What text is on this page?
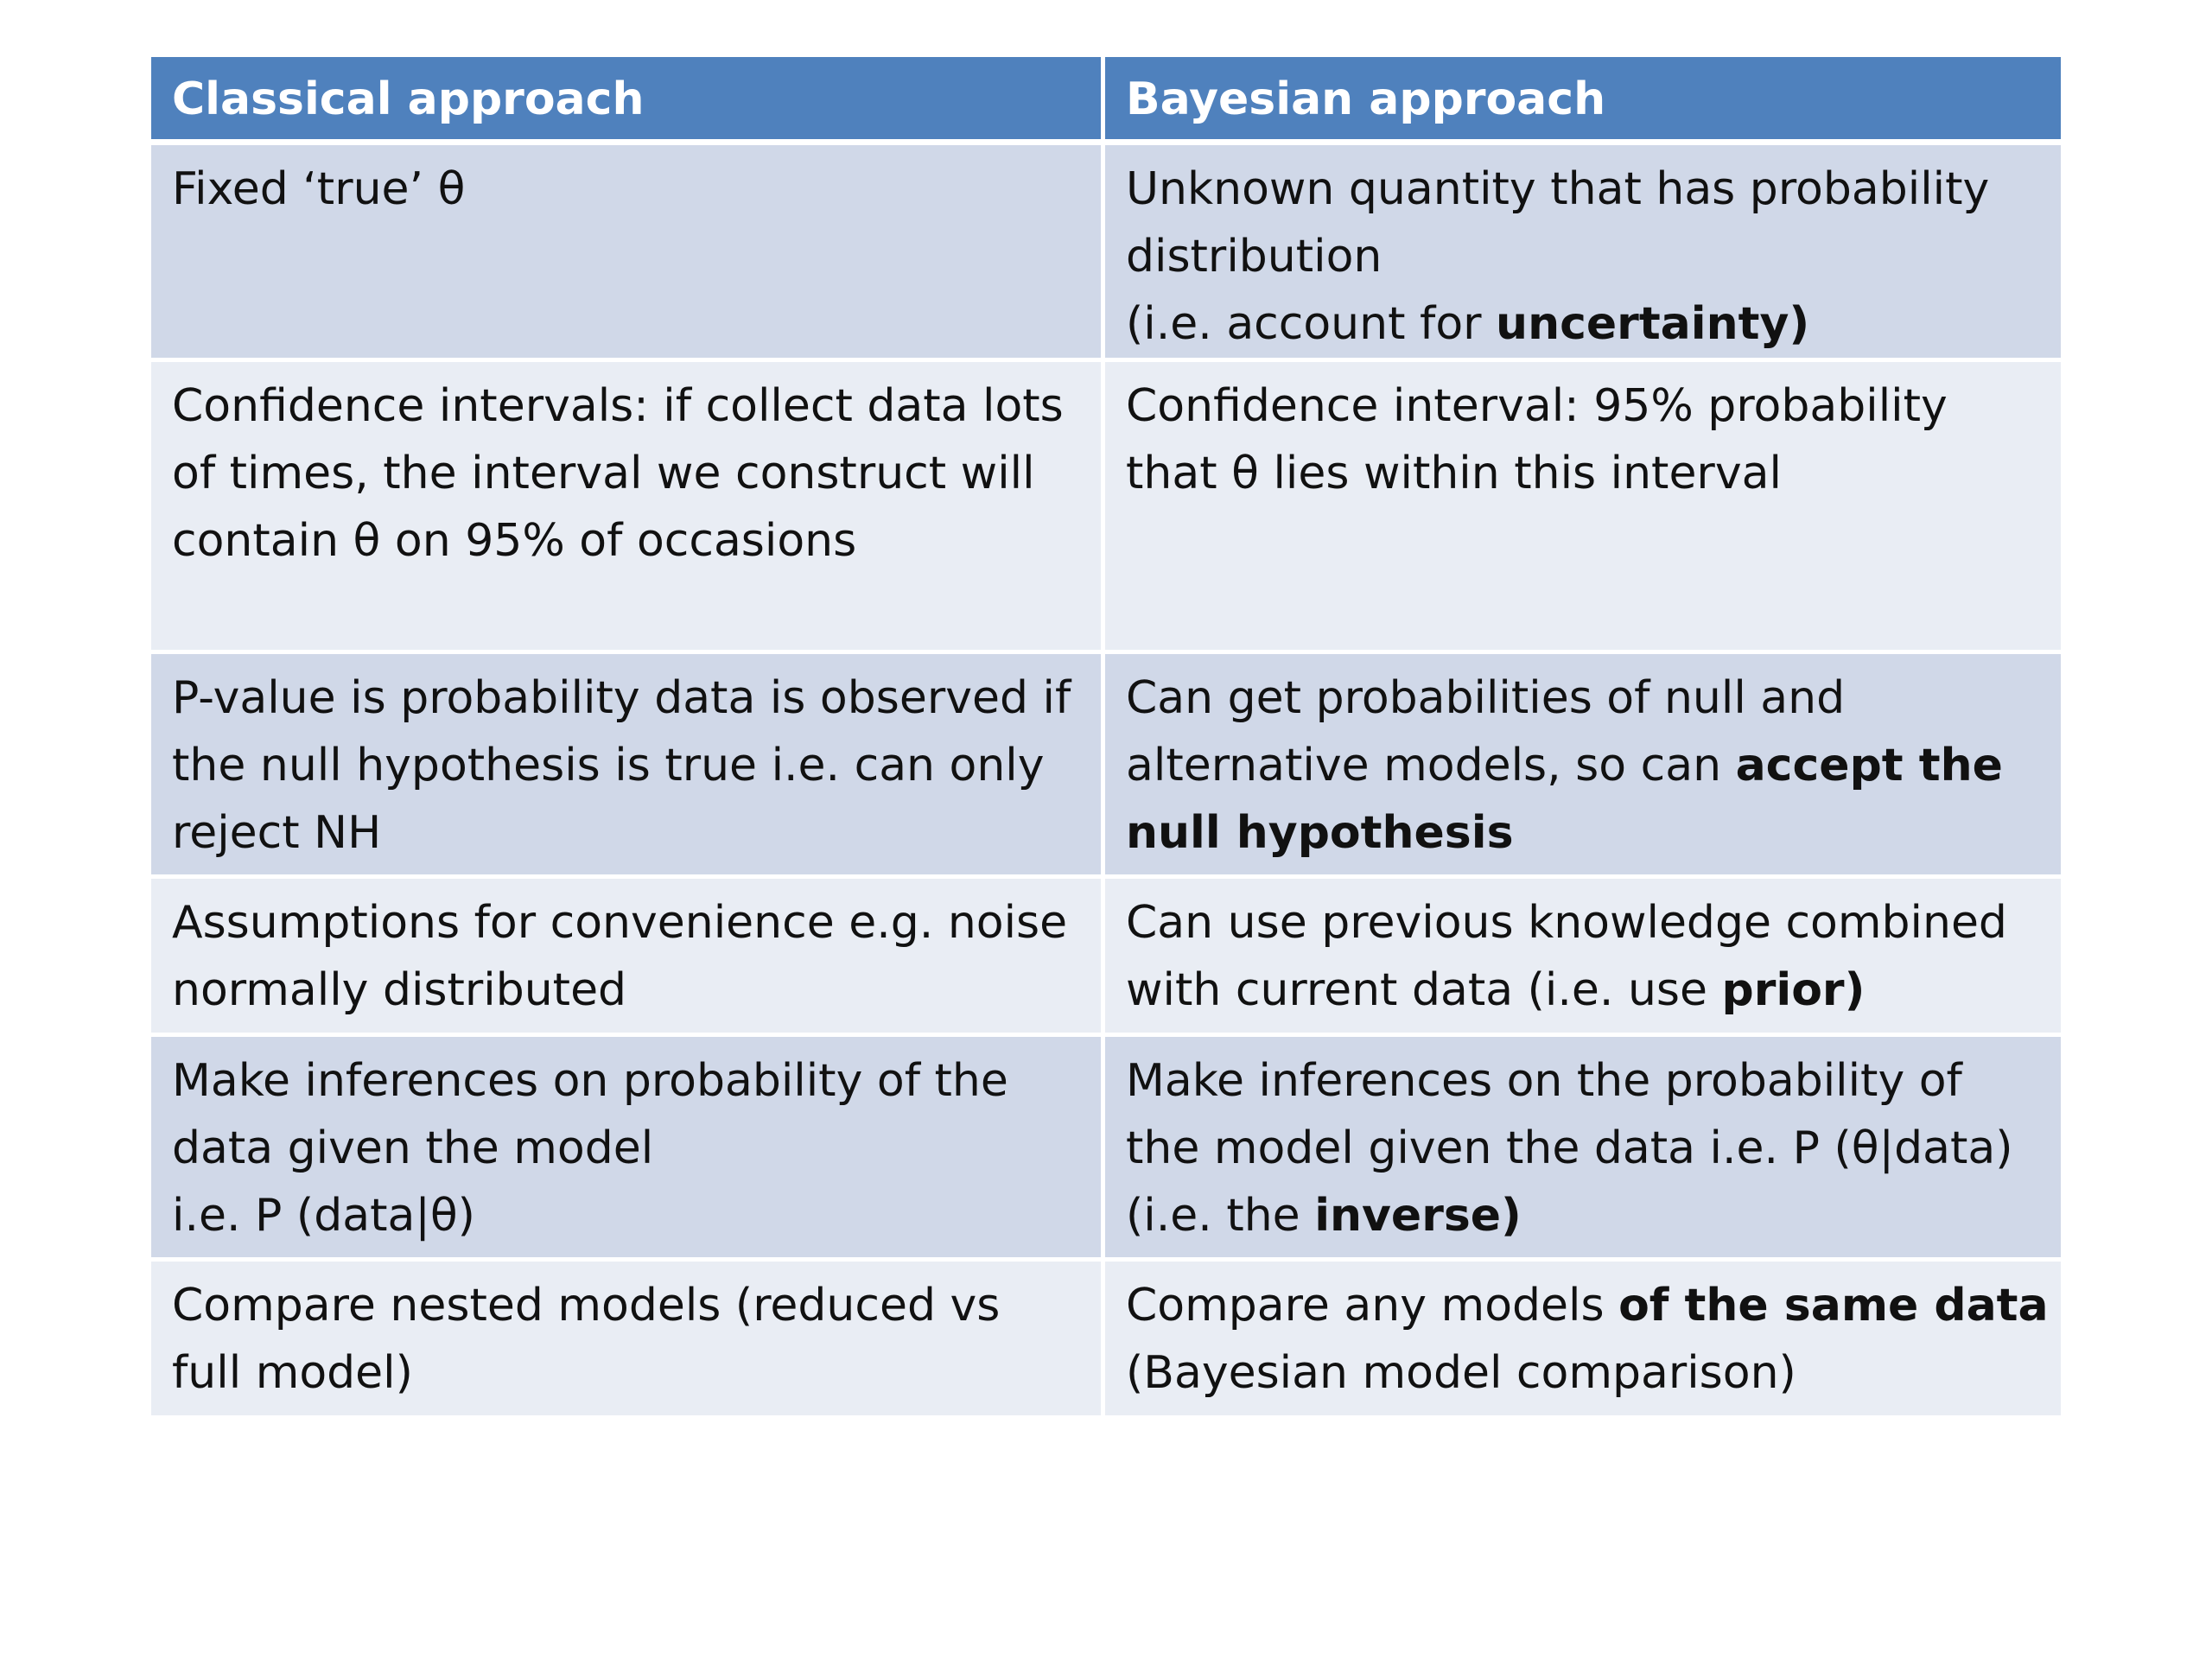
Classical approach	Bayesian approach

Fixed ‘true’ θ	Unknown quantity that has probability
distribution
(i.e. account for uncertainty)

Confidence intervals: if collect data lots
of times, the interval we construct will
contain θ on 95% of occasions	Confidence interval: 95% probability
that θ lies within this interval

P-value is probability data is observed if
the null hypothesis is true i.e. can only
reject NH	Can get probabilities of null and
alternative models, so can accept the
null hypothesis

Assumptions for convenience e.g. noise
normally distributed	Can use previous knowledge combined
with current data (i.e. use prior)

Make inferences on probability of the
data given the model
i.e. P (data|θ)	Make inferences on the probability of
the model given the data i.e. P (θ|data)
(i.e. the inverse)

Compare nested models (reduced vs
full model)	Compare any models of the same data
(Bayesian model comparison)
